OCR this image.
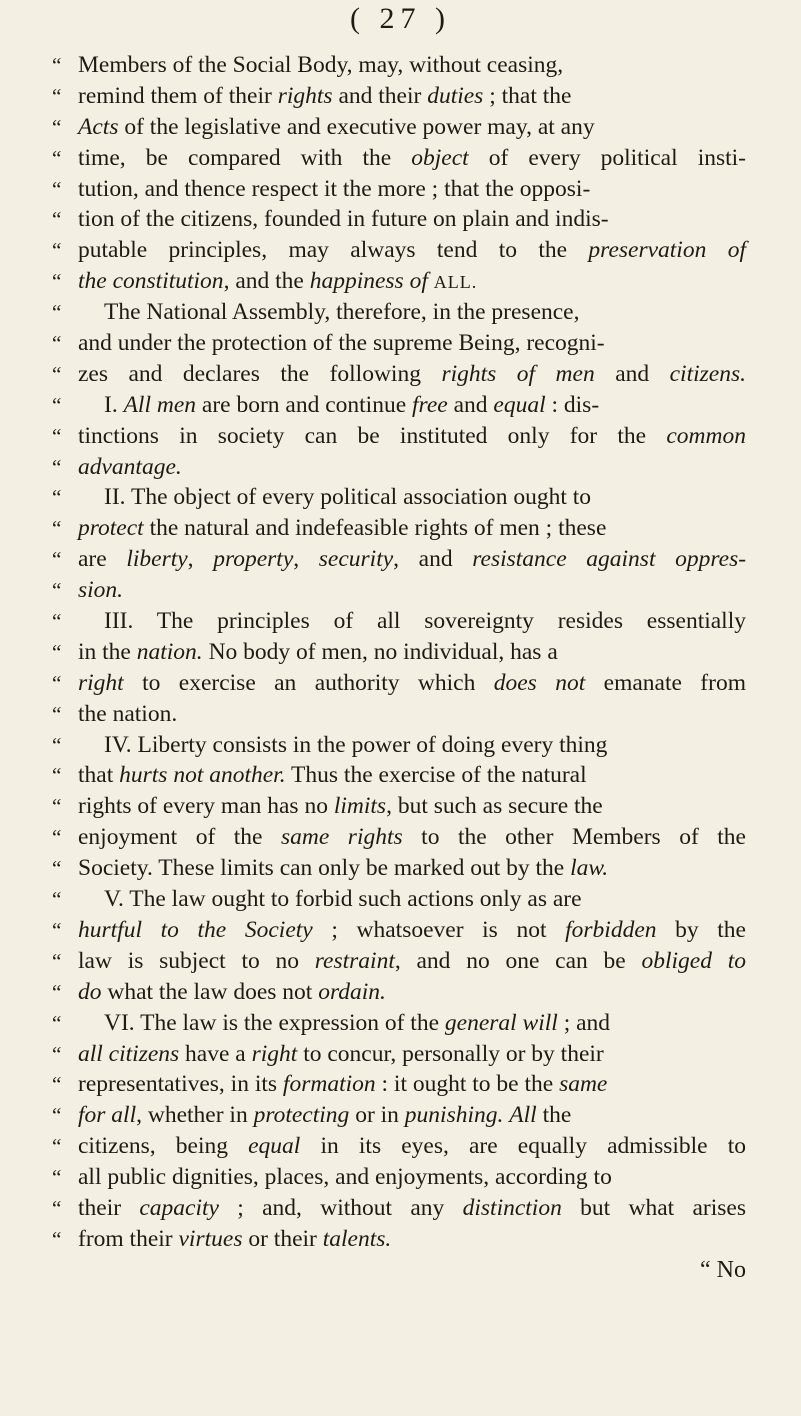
( 27 )
“ Members of the Social Body, may, without ceasing,
“ remind them of their rights and their duties ; that the
“ Acts of the legislative and executive power may, at any
“ time, be compared with the object of every political insti-
“ tution, and thence respect it the more ; that the opposi-
“ tion of the citizens, founded in future on plain and indis-
“ putable principles, may always tend to the preservation of
“ the constitution, and the happiness of ALL.
“ The National Assembly, therefore, in the presence,
“ and under the protection of the supreme Being, recogni-
“ zes and declares the following rights of men and citizens.
“ I. All men are born and continue free and equal : dis-
“ tinctions in society can be instituted only for the common
“ advantage.
“ II. The object of every political association ought to
“ protect the natural and indefeasible rights of men ; these
“ are liberty, property, security, and resistance against oppres-
“ sion.
“ III. The principles of all sovereignty resides essentially
“ in the nation. No body of men, no individual, has a
“ right to exercise an authority which does not emanate from
“ the nation.
“ IV. Liberty consists in the power of doing every thing
“ that hurts not another. Thus the exercise of the natural
“ rights of every man has no limits, but such as secure the
“ enjoyment of the same rights to the other Members of the
“ Society. These limits can only be marked out by the law.
“ V. The law ought to forbid such actions only as are
“ hurtful to the Society ; whatsoever is not forbidden by the
“ law is subject to no restraint, and no one can be obliged to
“ do what the law does not ordain.
“ VI. The law is the expression of the general will ; and
“ all citizens have a right to concur, personally or by their
“ representatives, in its formation : it ought to be the same
“ for all, whether in protecting or in punishing. All the
“ citizens, being equal in its eyes, are equally admissible to
“ all public dignities, places, and enjoyments, according to
“ their capacity ; and, without any distinction but what arises
“ from their virtues or their talents.
“ No
